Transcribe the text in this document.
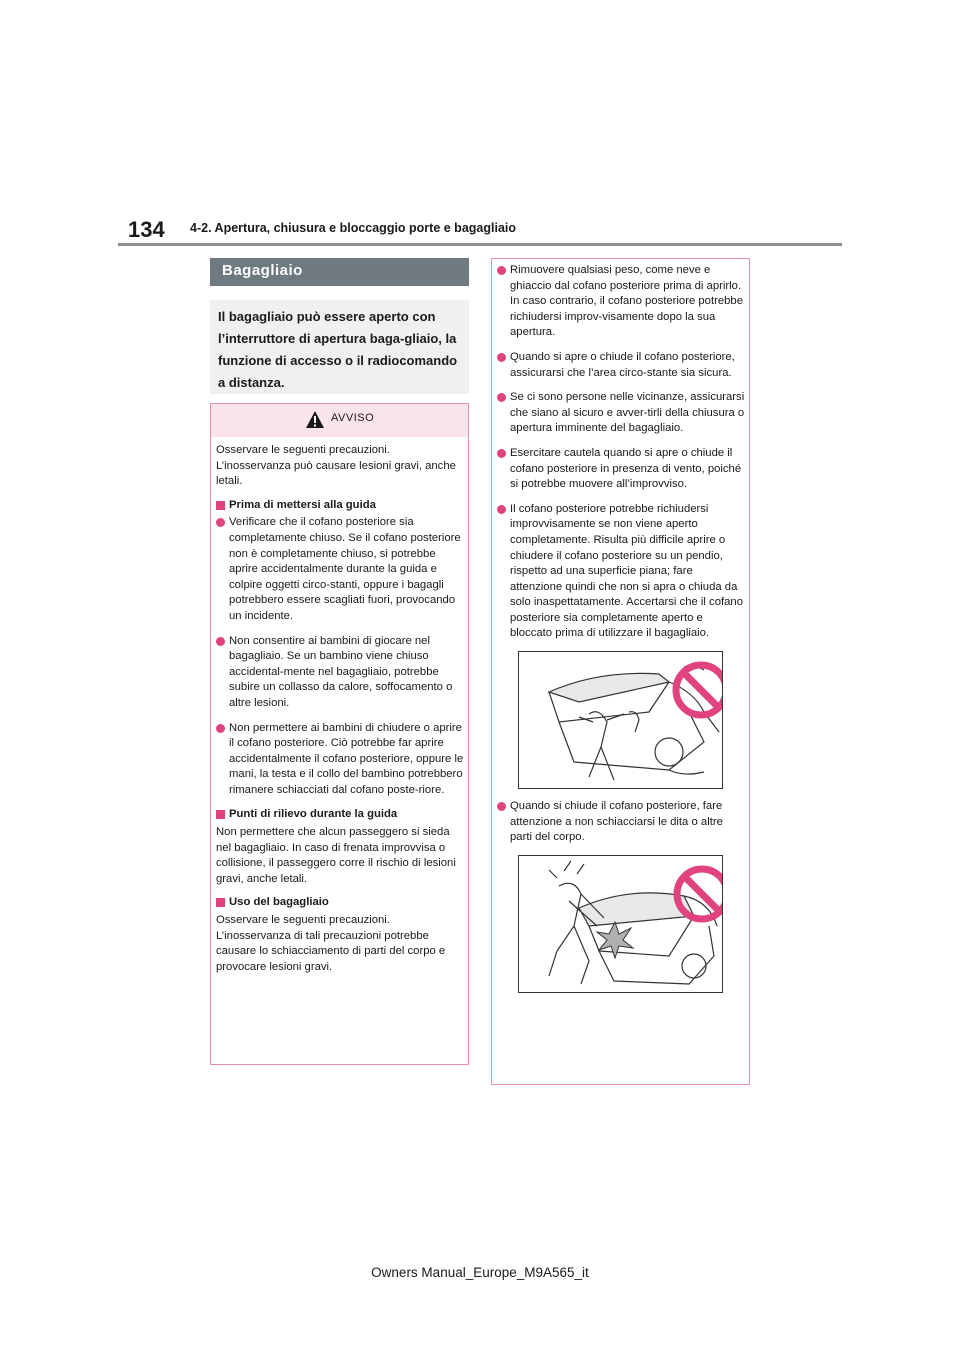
134 4-2. Apertura, chiusura e bloccaggio porte e bagagliaio
Bagagliaio

Il bagagliaio può essere aperto con l’interruttore di apertura baga-gliaio, la funzione di accesso o il radiocomando a distanza.

AVVISO

Osservare le seguenti precauzioni. L’inosservanza può causare lesioni gravi, anche letali.

Prima di mettersi alla guida
Verificare che il cofano posteriore sia completamente chiuso. Se il cofano posteriore non è completamente chiuso, si potrebbe aprire accidentalmente durante la guida e colpire oggetti circo-stanti, oppure i bagagli potrebbero essere scagliati fuori, provocando un incidente.
Non consentire ai bambini di giocare nel bagagliaio. Se un bambino viene chiuso accidental-mente nel bagagliaio, potrebbe subire un collasso da calore, soffocamento o altre lesioni.
Non permettere ai bambini di chiudere o aprire il cofano posteriore. Ciò potrebbe far aprire accidentalmente il cofano posteriore, oppure le mani, la testa e il collo del bambino potrebbero rimanere schiacciati dal cofano poste-riore.
Punti di rilievo durante la guida

Non permettere che alcun passeggero si sieda nel bagagliaio. In caso di frenata improvvisa o collisione, il passeggero corre il rischio di lesioni gravi, anche letali.

Uso del bagagliaio

Osservare le seguenti precauzioni. L’inosservanza di tali precauzioni potrebbe causare lo schiacciamento di parti del corpo e provocare lesioni gravi.

Rimuovere qualsiasi peso, come neve e ghiaccio dal cofano posteriore prima di aprirlo. In caso contrario, il cofano posteriore potrebbe richiudersi improv-visamente dopo la sua apertura.
Quando si apre o chiude il cofano posteriore, assicurarsi che l’area circo-stante sia sicura.
Se ci sono persone nelle vicinanze, assicurarsi che siano al sicuro e avver-tirli della chiusura o apertura imminente del bagagliaio.
Esercitare cautela quando si apre o chiude il cofano posteriore in presenza di vento, poiché si potrebbe muovere all’improvviso.
Il cofano posteriore potrebbe richiudersi improvvisamente se non viene aperto completamente. Risulta più difficile aprire o chiudere il cofano posteriore su un pendio, rispetto ad una superficie piana; fare attenzione quindi che non si apra o chiuda da solo inaspettatamente. Accertarsi che il cofano posteriore sia completamente aperto e bloccato prima di utilizzare il bagagliaio.
Quando si chiude il cofano posteriore, fare attenzione a non schiacciarsi le dita o altre parti del corpo.
Owners Manual_Europe_M9A565_it
